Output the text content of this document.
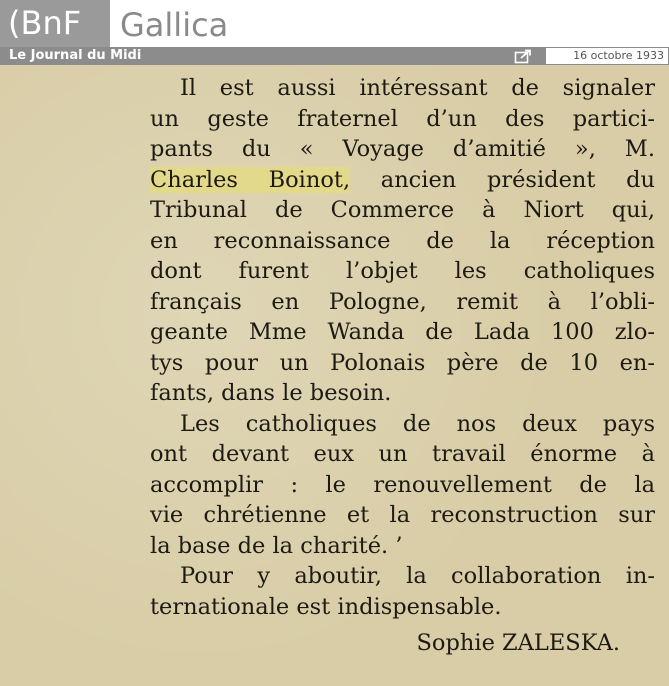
(BnF	Gallica
Le Journal du Midi	16 octobre 1933
Il est aussi intéressant de signaler
un geste fraternel d’un des partici-
pants du « Voyage d’amitié », M.
Charles Boinot, ancien président du
Tribunal de Commerce à Niort qui,
en reconnaissance de la réception
dont furent l’objet les catholiques
français en Pologne, remit à l’obli-
geante Mme Wanda de Lada 100 zlo-
tys pour un Polonais père de 10 en-
fants, dans le besoin.
Les catholiques de nos deux pays
ont devant eux un travail énorme à
accomplir : le renouvellement de la
vie chrétienne et la reconstruction sur
la base de la charité. ’
Pour y aboutir, la collaboration in-
ternationale est indispensable.
Sophie ZALESKA.
